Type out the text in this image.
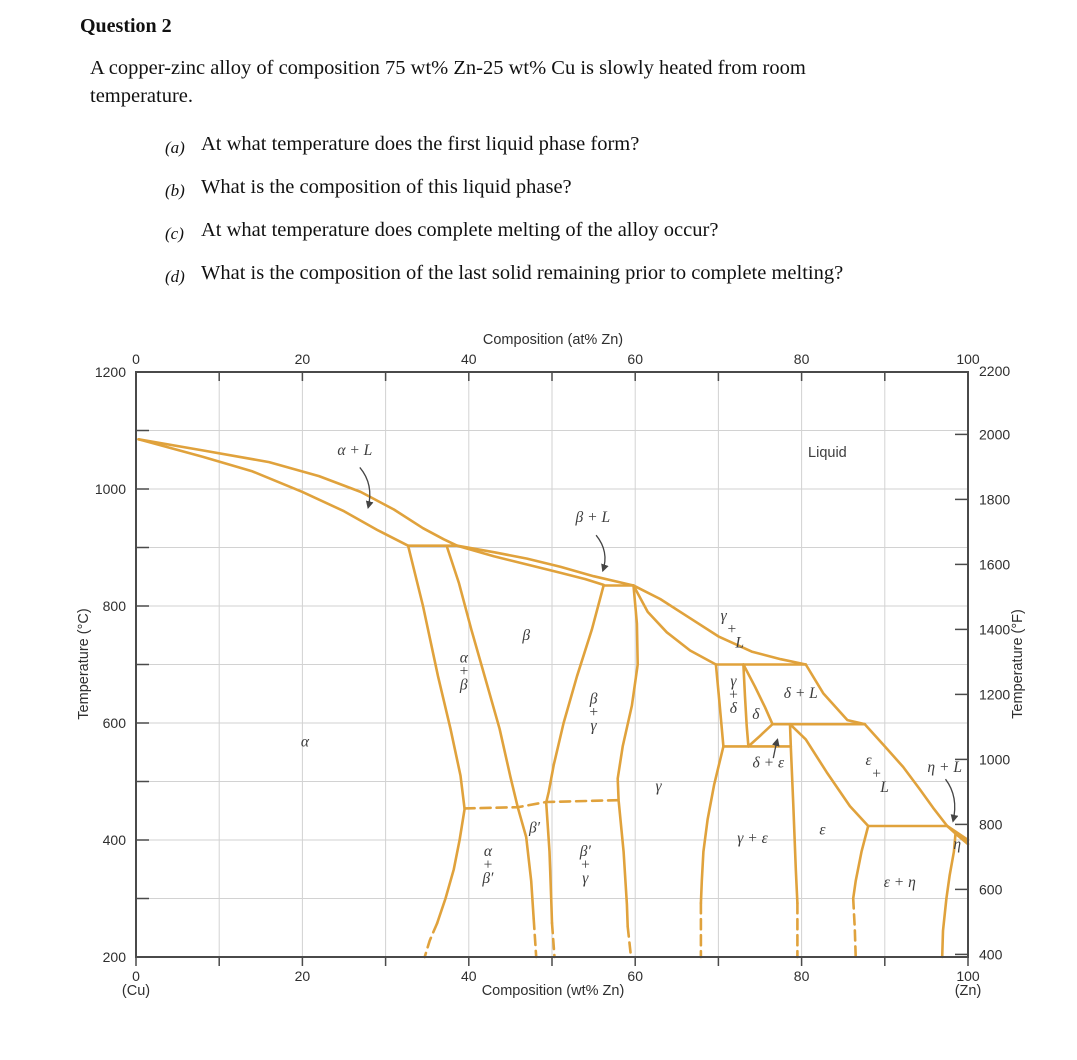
Question 2
A copper-zinc alloy of composition 75 wt% Zn-25 wt% Cu is slowly heated from room
temperature.
(a) At what temperature does the first liquid phase form?
(b) What is the composition of this liquid phase?
(c) At what temperature does complete melting of the alloy occur?
(d) What is the composition of the last solid remaining prior to complete melting?
0
0
20
20
40
40
60
60
80
80
100
100
1200
1000
800
600
400
200
2200
2000
1800
1600
1400
1200
1000
800
600
400
α + L	Liquid
β + L
β
α + β
α
β + γ
γ
β′
α + β′
β′ + γ
γ+ L
δ + L
γ + δ δ
δ + ε
γ + ε	ε
ε+ L
ε + η
η + L
η
Composition (at% Zn)
Composition (wt% Zn)
(Cu)	(Zn)
Temperature (°C)	Temperature (°F)
